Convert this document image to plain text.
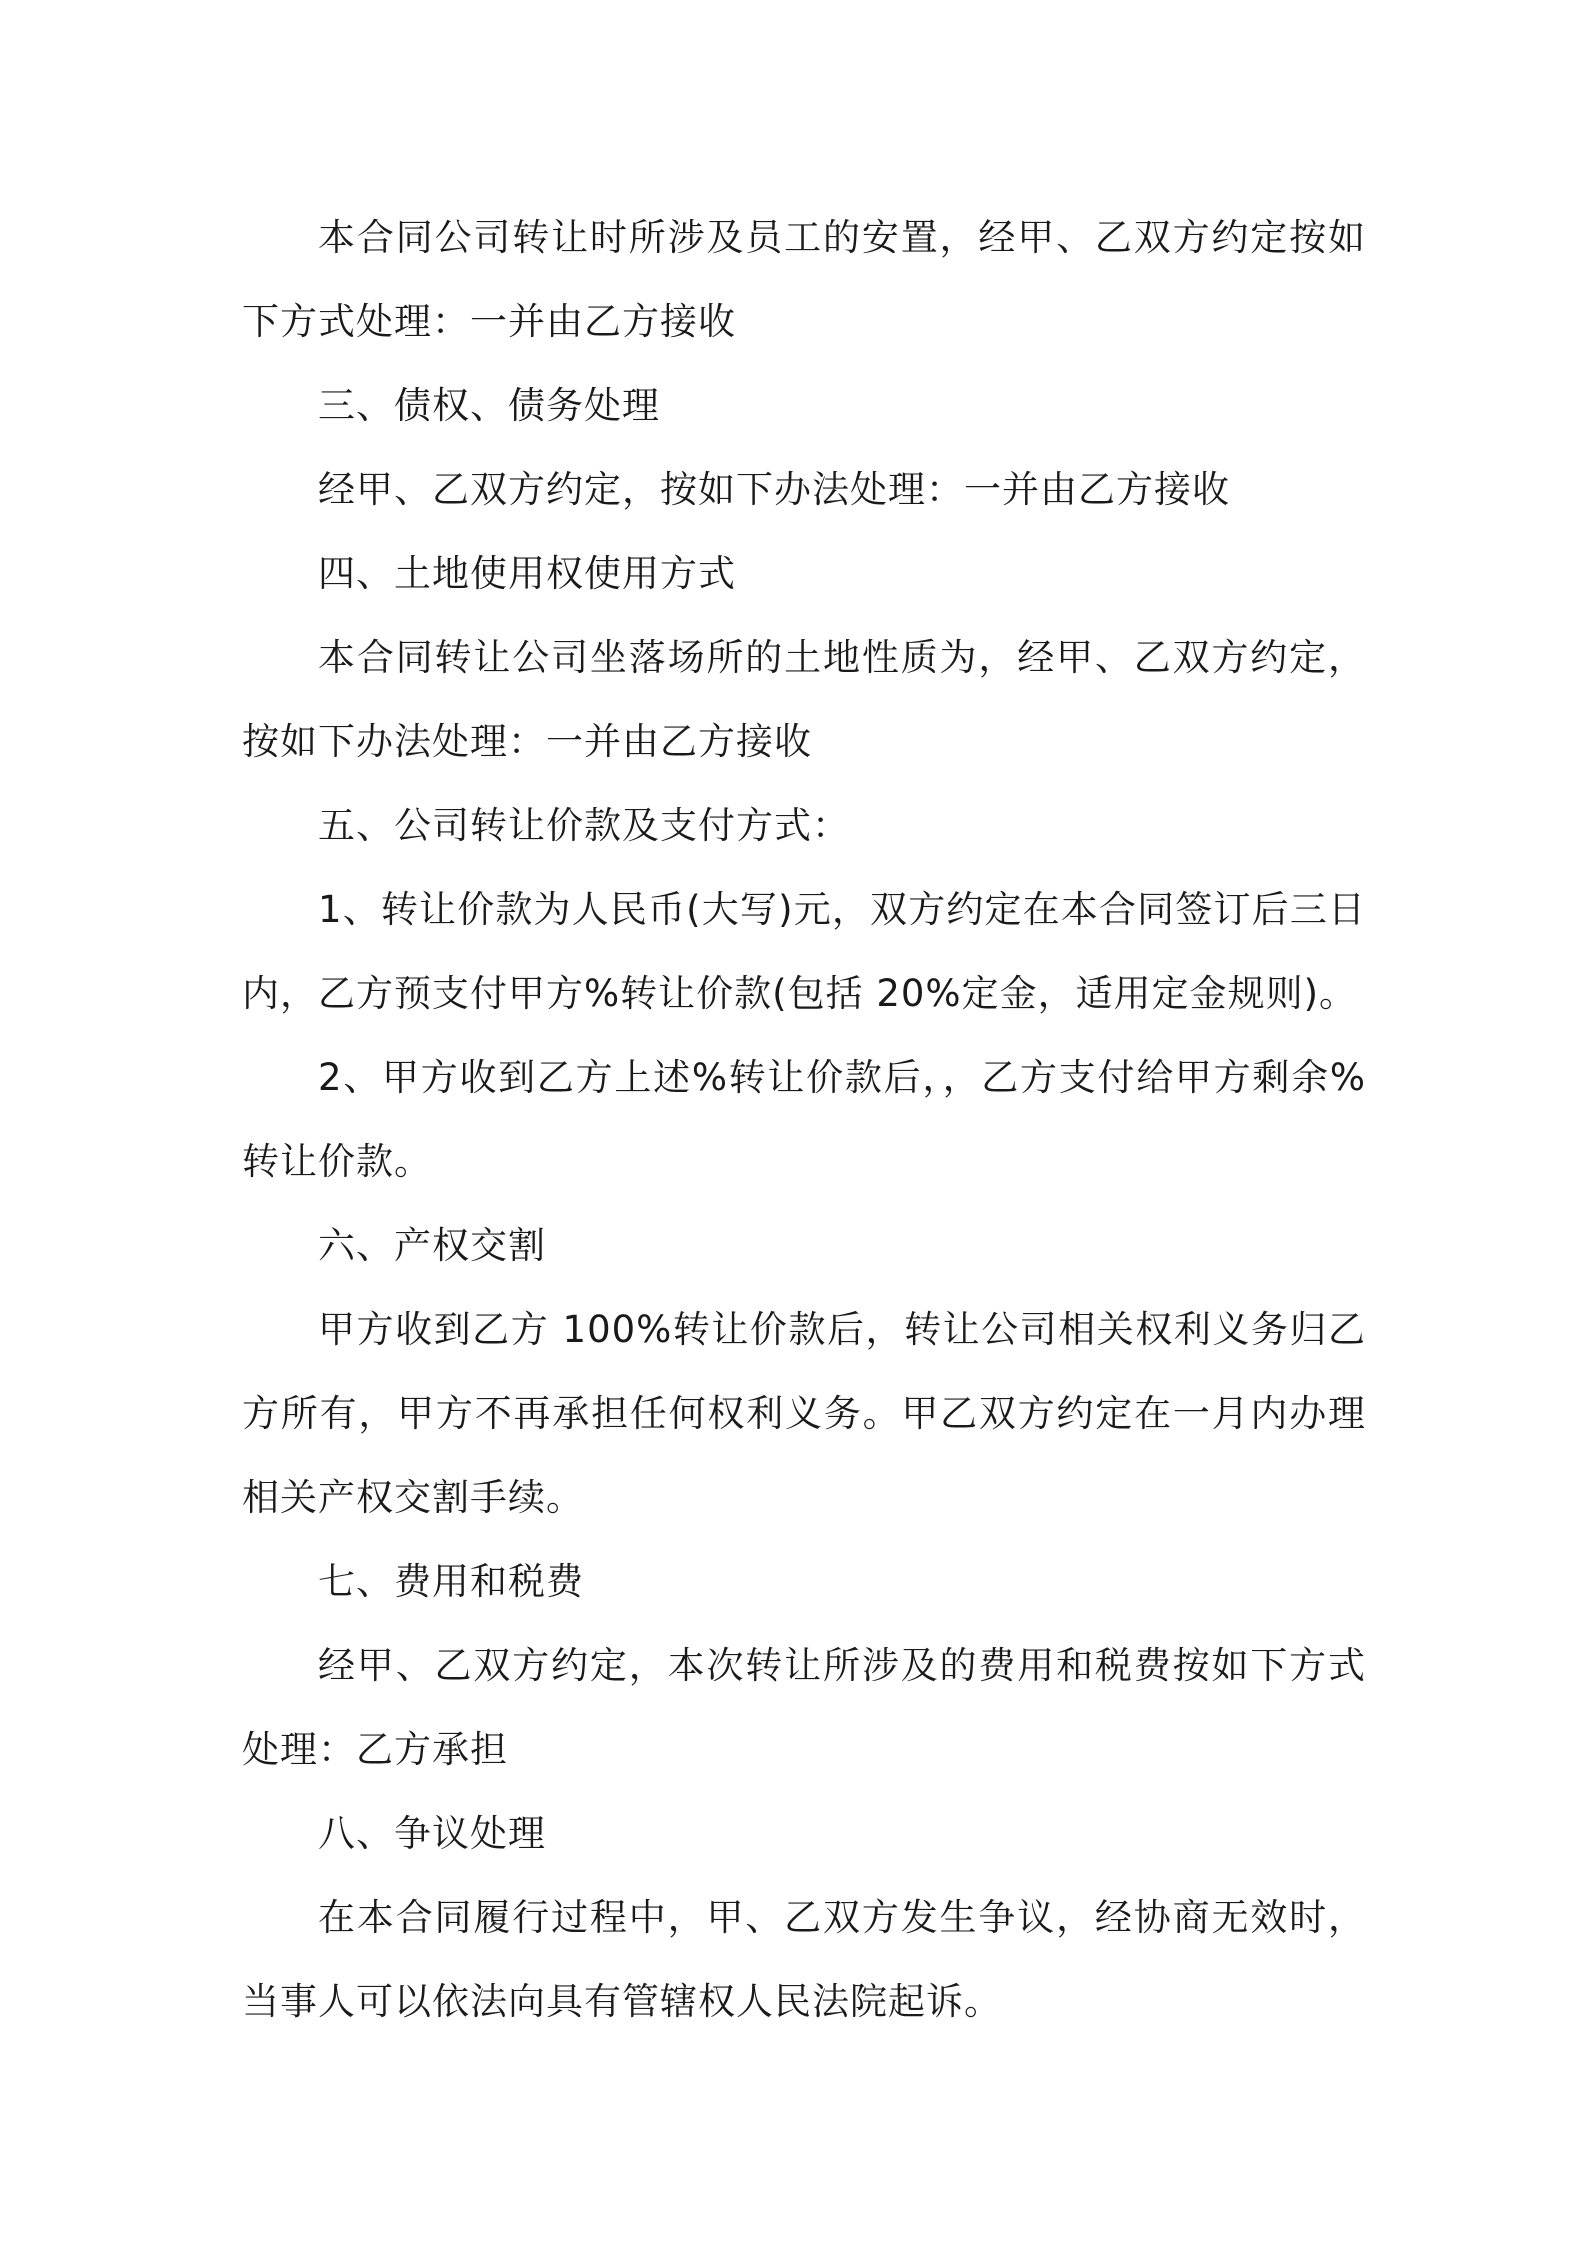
本合同公司转让时所涉及员工的安置，经甲、乙双方约定按如下方式处理：一并由乙方接收

三、债权、债务处理

经甲、乙双方约定，按如下办法处理：一并由乙方接收

四、土地使用权使用方式

本合同转让公司坐落场所的土地性质为，经甲、乙双方约定，按如下办法处理：一并由乙方接收

五、公司转让价款及支付方式：

1、转让价款为人民币(大写)元，双方约定在本合同签订后三日内，乙方预支付甲方%转让价款(包括 20%定金，适用定金规则)。

2、甲方收到乙方上述%转让价款后，，乙方支付给甲方剩余%转让价款。

六、产权交割

甲方收到乙方 100%转让价款后，转让公司相关权利义务归乙方所有，甲方不再承担任何权利义务。甲乙双方约定在一月内办理相关产权交割手续。

七、费用和税费

经甲、乙双方约定，本次转让所涉及的费用和税费按如下方式处理：乙方承担

八、争议处理

在本合同履行过程中，甲、乙双方发生争议，经协商无效时，当事人可以依法向具有管辖权人民法院起诉。
